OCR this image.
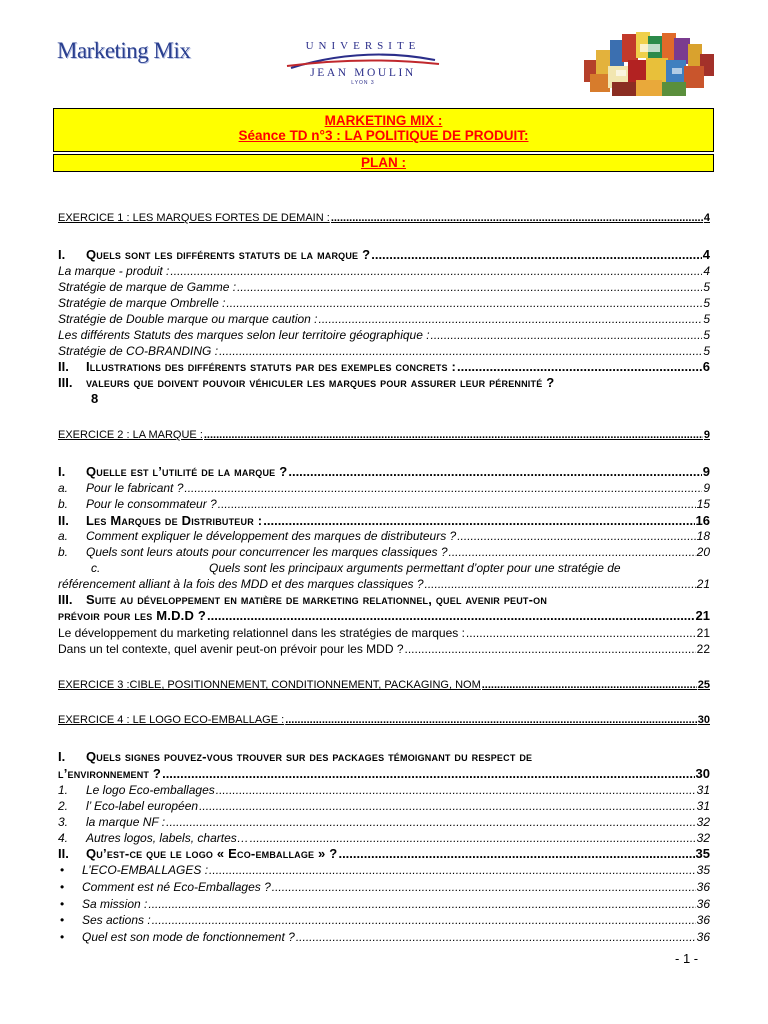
Marketing Mix	UNIVERSITE
JEAN MOULIN
LYON 3
MARKETING MIX :
Séance TD n°3 : LA POLITIQUE DE PRODUIT:
PLAN :
EXERCICE 1 : LES MARQUES FORTES DE DEMAIN : .....	4
I. Quels sont les différents statuts de la marque ? .....	4
La marque - produit : .....	4
Stratégie de marque de Gamme : .....	5
Stratégie de marque Ombrelle : .....	5
Stratégie de Double marque ou marque caution : .....	5
Les différents Statuts des marques selon leur territoire géographique : .....	5
Stratégie de CO-BRANDING : .....	5
II. Illustrations des différents statuts par des exemples concrets : .....	6
III. valeurs que doivent pouvoir véhiculer les marques pour assurer leur pérennité ?
8
EXERCICE 2 : LA MARQUE : .....	9
I. Quelle est l’utilité de la marque ? .....	9
a. Pour le fabricant ? .....	9
b. Pour le consommateur ? .....	15
II. Les Marques de Distributeur : .....	16
a. Comment expliquer le développement des marques de distributeurs ? .....	18
b. Quels sont leurs atouts pour concurrencer les marques classiques ? .....	20
c.	Quels sont les principaux arguments permettant d’opter pour une stratégie de
référencement alliant à la fois des MDD et des marques classiques ? .....	21
III. Suite au développement en matière de marketing relationnel, quel avenir peut-on
prévoir pour les M.D.D ? .....	21
Le développement du marketing relationnel dans les stratégies de marques : .....	21
Dans un tel contexte, quel avenir peut-on prévoir pour les MDD ? .....	22
EXERCICE 3 :CIBLE, POSITIONNEMENT, CONDITIONNEMENT, PACKAGING, NOM .....	25
EXERCICE 4 : LE LOGO ECO-EMBALLAGE : .....	30
I. Quels signes pouvez-vous trouver sur des packages témoignant du respect de
l’environnement ? .....	30
1. Le logo Eco-emballages .....	31
2. l’ Eco-label européen .....	31
3. la marque NF : .....	32
4. Autres logos, labels, chartes… .....	32
II. Qu’est-ce que le logo « Eco-emballage » ? .....	35
• L’ECO-EMBALLAGES : .....	35
• Comment est né Eco-Emballages ? .....	36
• Sa mission : .....	36
• Ses actions : .....	36
• Quel est son mode de fonctionnement ? .....	36
- 1 -
